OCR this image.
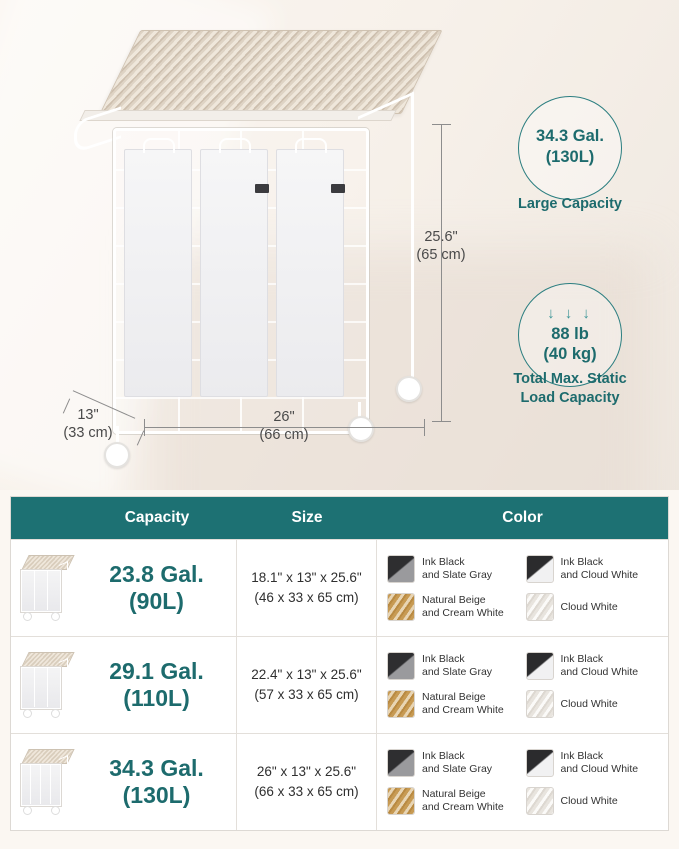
25.6"
(65 cm)
26"
(66 cm)
13"
(33 cm)
34.3 Gal.
(130L)
Large Capacity
↓ ↓ ↓
88 lb
(40 kg)
Total Max. Static
Load Capacity
Capacity	Size	Color
23.8 Gal.
(90L)
18.1" x 13" x 25.6"
(46 x 33 x 65 cm)
Ink Black
and Slate Gray
Ink Black
and Cloud White
Natural Beige
and Cream White
Cloud White
29.1 Gal.
(110L)
22.4" x 13" x 25.6"
(57 x 33 x 65 cm)
Ink Black
and Slate Gray
Ink Black
and Cloud White
Natural Beige
and Cream White
Cloud White
34.3 Gal.
(130L)
26" x 13" x 25.6"
(66 x 33 x 65 cm)
Ink Black
and Slate Gray
Ink Black
and Cloud White
Natural Beige
and Cream White
Cloud White
